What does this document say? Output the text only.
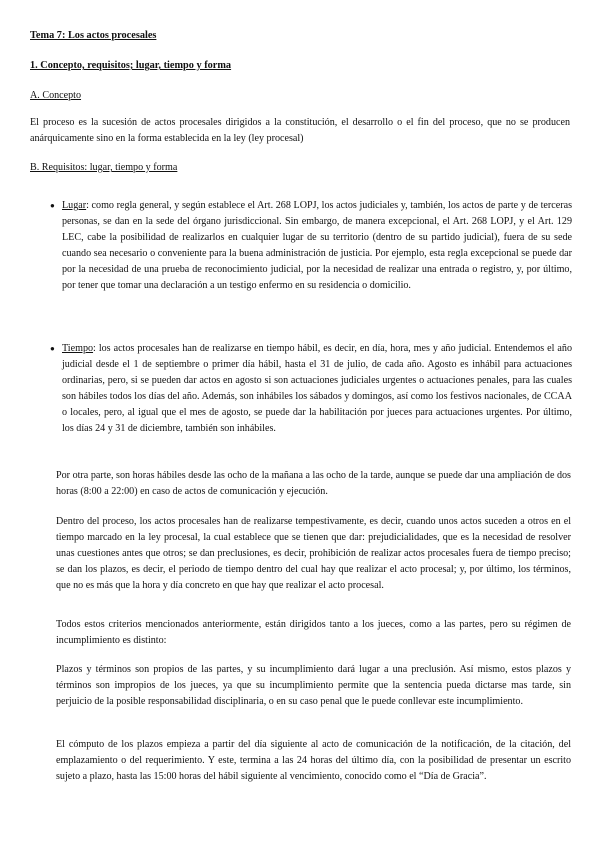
Tema 7: Los actos procesales

1. Concepto, requisitos; lugar, tiempo y forma

A. Concepto

El proceso es la sucesión de actos procesales dirigidos a la constitución, el desarrollo o el fin del proceso, que no se producen anárquicamente sino en la forma establecida en la ley (ley procesal)

B. Requisitos: lugar, tiempo y forma

● Lugar: como regla general, y según establece el Art. 268 LOPJ, los actos judiciales y, también, los actos de parte y de terceras personas, se dan en la sede del órgano jurisdiccional. Sin embargo, de manera excepcional, el Art. 268 LOPJ, y el Art. 129 LEC, cabe la posibilidad de realizarlos en cualquier lugar de su territorio (dentro de su partido judicial), fuera de su sede cuando sea necesario o conveniente para la buena administración de justicia. Por ejemplo, esta regla excepcional se puede dar por la necesidad de una prueba de reconocimiento judicial, por la necesidad de realizar una entrada o registro, y, por último, por tener que tomar una declaración a un testigo enfermo en su residencia o domicilio.

● Tiempo: los actos procesales han de realizarse en tiempo hábil, es decir, en día, hora, mes y año judicial. Entendemos el año judicial desde el 1 de septiembre o primer día hábil, hasta el 31 de julio, de cada año. Agosto es inhábil para actuaciones ordinarias, pero, si se pueden dar actos en agosto si son actuaciones judiciales urgentes o actuaciones penales, para las cuales son hábiles todos los días del año. Además, son inhábiles los sábados y domingos, así como los festivos nacionales, de CCAA o locales, pero, al igual que el mes de agosto, se puede dar la habilitación por jueces para actuaciones urgentes. Por último, los días 24 y 31 de diciembre, también son inhábiles.

Por otra parte, son horas hábiles desde las ocho de la mañana a las ocho de la tarde, aunque se puede dar una ampliación de dos horas (8:00 a 22:00) en caso de actos de comunicación y ejecución.

Dentro del proceso, los actos procesales han de realizarse tempestivamente, es decir, cuando unos actos suceden a otros en el tiempo marcado en la ley procesal, la cual establece que se tienen que dar: prejudicialidades, que es la necesidad de resolver unas cuestiones antes que otros; se dan preclusiones, es decir, prohibición de realizar actos procesales fuera de tiempo preciso; se dan los plazos, es decir, el periodo de tiempo dentro del cual hay que realizar el acto procesal; y, por último, los términos, que no es más que la hora y día concreto en que hay que realizar el acto procesal.

Todos estos criterios mencionados anteriormente, están dirigidos tanto a los jueces, como a las partes, pero su régimen de incumplimiento es distinto:

Plazos y términos son propios de las partes, y su incumplimiento dará lugar a una preclusión. Así mismo, estos plazos y términos son impropios de los jueces, ya que su incumplimiento permite que la sentencia pueda dictarse mas tarde, sin perjuicio de la posible responsabilidad disciplinaria, o en su caso penal que le puede conllevar este incumplimiento.

El cómputo de los plazos empieza a partir del día siguiente al acto de comunicación de la notificación, de la citación, del emplazamiento o del requerimiento. Y este, termina a las 24 horas del último día, con la posibilidad de presentar un escrito sujeto a plazo, hasta las 15:00 horas del hábil siguiente al vencimiento, conocido como el “Día de Gracia”.
